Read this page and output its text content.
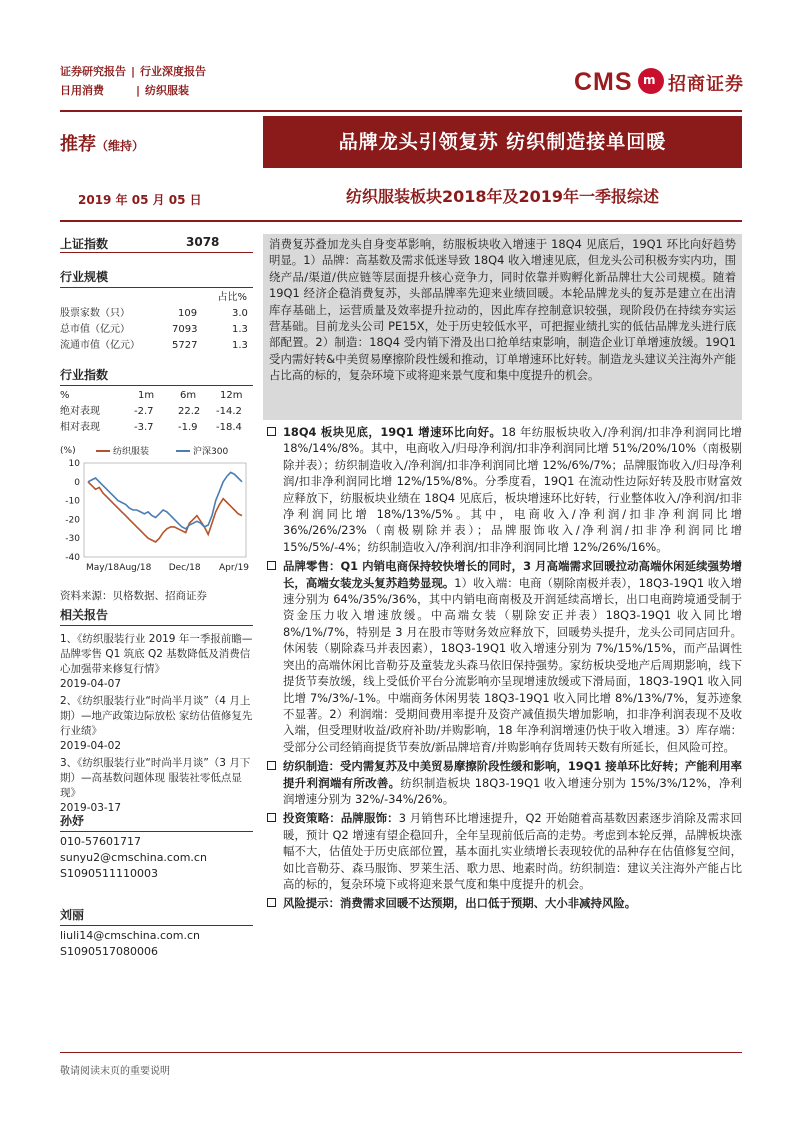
证券研究报告 | 行业深度报告
日用消费	| 纺织服装	CMS m 招商证券
推荐（维持）	品牌龙头引领复苏 纺织制造接单回暖
2019 年 05 月 05 日	纺织服装板块2018年及2019年一季报综述
上证指数	3078
行业规模
占比%
股票家数（只）	109	3.0
总市值（亿元）	7093	1.3
流通市值（亿元）	5727	1.3
行业指数
%	1m	6m 12m
绝对表现	-2.7 22.2 -14.2
相对表现	-3.7 -1.9 -18.4
(%)
10
0
-10
-20
-30
-40
May/18 Aug/18 Dec/18 Apr/19
纺织服装	沪深300
资料来源：贝格数据、招商证券
相关报告
1、《纺织服装行业 2019 年一季报前瞻—品牌零售 Q1 筑底 Q2 基数降低及消费信心加强带来修复行情》
2019-04-07
2、《纺织服装行业“时尚半月谈”（4 月上期）—地产政策边际放松 家纺估值修复先行业绩》
2019-04-02
3、《纺织服装行业“时尚半月谈”（3 月下期）—高基数问题体现 服装社零低点显现》
2019-03-17
孙妤
010-57601717
sunyu2@cmschina.com.cn
S1090511110003
刘丽
liuli14@cmschina.com.cn
S1090517080006
消费复苏叠加龙头自身变革影响，纺服板块收入增速于 18Q4 见底后，19Q1 环比向好趋势明显。1）品牌：高基数及需求低迷导致 18Q4 收入增速见底，但龙头公司积极夯实内功，围绕产品/渠道/供应链等层面提升核心竞争力，同时依靠并购孵化新品牌壮大公司规模。随着 19Q1 经济企稳消费复苏，头部品牌率先迎来业绩回暖。本轮品牌龙头的复苏是建立在出清库存基础上，运营质量及效率提升拉动的，因此库存控制意识较强，现阶段仍在持续夯实运营基础。目前龙头公司 PE15X，处于历史较低水平，可把握业绩扎实的低估品牌龙头进行底部配置。2）制造：18Q4 受内销下滑及出口抢单结束影响，制造企业订单增速放缓。19Q1 受内需好转&中美贸易摩擦阶段性缓和推动，订单增速环比好转。制造龙头建议关注海外产能占比高的标的，复杂环境下或将迎来景气度和集中度提升的机会。
18Q4 板块见底，19Q1 增速环比向好。18 年纺服板块收入/净利润/扣非净利润同比增 18%/14%/8%。其中，电商收入/归母净利润/扣非净利润同比增 51%/20%/10%（南极剔除并表）；纺织制造收入/净利润/扣非净利润同比增 12%/6%/7%；品牌服饰收入/归母净利润/扣非净利润同比增 12%/15%/8%。分季度看，19Q1 在流动性边际好转及股市财富效应释放下，纺服板块业绩在 18Q4 见底后，板块增速环比好转，行业整体收入/净利润/扣非净利润同比增 18%/13%/5%。其中，电商收入/净利润/扣非净利润同比增 36%/26%/23%（南极剔除并表）；品牌服饰收入/净利润/扣非净利润同比增 15%/5%/-4%；纺织制造收入/净利润/扣非净利润同比增 12%/26%/16%。
品牌零售：Q1 内销电商保持较快增长的同时，3 月高端需求回暖拉动高端休闲延续强势增长，高端女装龙头复苏趋势显现。1）收入端：电商（剔除南极并表），18Q3-19Q1 收入增速分别为 64%/35%/36%，其中内销电商南极及开润延续高增长，出口电商跨境通受制于资金压力收入增速放缓。中高端女装（剔除安正并表）18Q3-19Q1 收入同比增 8%/1%/7%，特别是 3 月在股市等财务效应释放下，回暖势头提升，龙头公司同店回升。休闲装（剔除森马并表因素），18Q3-19Q1 收入增速分别为 7%/15%/15%，而产品调性突出的高端休闲比音勒芬及童装龙头森马依旧保持强势。家纺板块受地产后周期影响，线下提货节奏放缓，线上受低价平台分流影响亦呈现增速放缓或下滑局面，18Q3-19Q1 收入同比增 7%/3%/-1%。中端商务休闲男装 18Q3-19Q1 收入同比增 8%/13%/7%，复苏迹象不显著。2）利润端：受期间费用率提升及资产减值损失增加影响，扣非净利润表现不及收入端，但受理财收益/政府补助/并购影响，18 年净利润增速仍快于收入增速。3）库存端：受部分公司经销商提货节奏放/新品牌培育/并购影响存货周转天数有所延长，但风险可控。
纺织制造：受内需复苏及中美贸易摩擦阶段性缓和影响，19Q1 接单环比好转；产能利用率提升利润端有所改善。纺织制造板块 18Q3-19Q1 收入增速分别为 15%/3%/12%，净利润增速分别为 32%/-34%/26%。
投资策略：品牌服饰：3 月销售环比增速提升，Q2 开始随着高基数因素逐步消除及需求回暖，预计 Q2 增速有望企稳回升，全年呈现前低后高的走势。考虑到本轮反弹，品牌板块涨幅不大，估值处于历史底部位置，基本面扎实业绩增长表现较优的品种存在估值修复空间，如比音勒芬、森马服饰、罗莱生活、歌力思、地素时尚。纺织制造：建议关注海外产能占比高的标的，复杂环境下或将迎来景气度和集中度提升的机会。
风险提示：消费需求回暖不达预期，出口低于预期、大小非减持风险。
敬请阅读末页的重要说明
